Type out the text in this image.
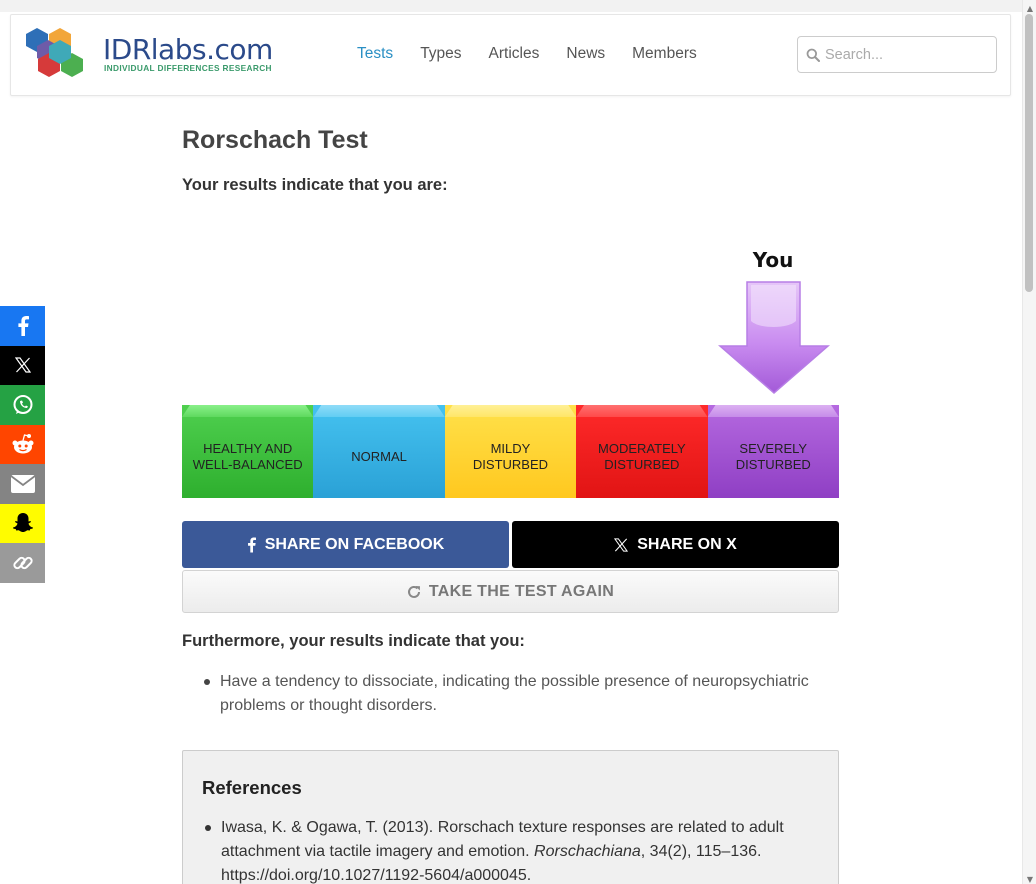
IDRlabs.com
INDIVIDUAL DIFFERENCES RESEARCH
Tests Types Articles News Members
Search...
Rorschach Test

Your results indicate that you are:

You
HEALTHY AND
WELL-BALANCED
NORMAL
MILDY
DISTURBED
MODERATELY
DISTURBED
SEVERELY
DISTURBED
SHARE ON FACEBOOK	SHARE ON X
TAKE THE TEST AGAIN

Furthermore, your results indicate that you:

Have a tendency to dissociate, indicating the possible presence of neuropsychiatric problems or thought disorders.
References
Iwasa, K. & Ogawa, T. (2013). Rorschach texture responses are related to adult attachment via tactile imagery and emotion. Rorschachiana, 34(2), 115–136. https://doi.org/10.1027/1192-5604/a000045.
▲
▼
